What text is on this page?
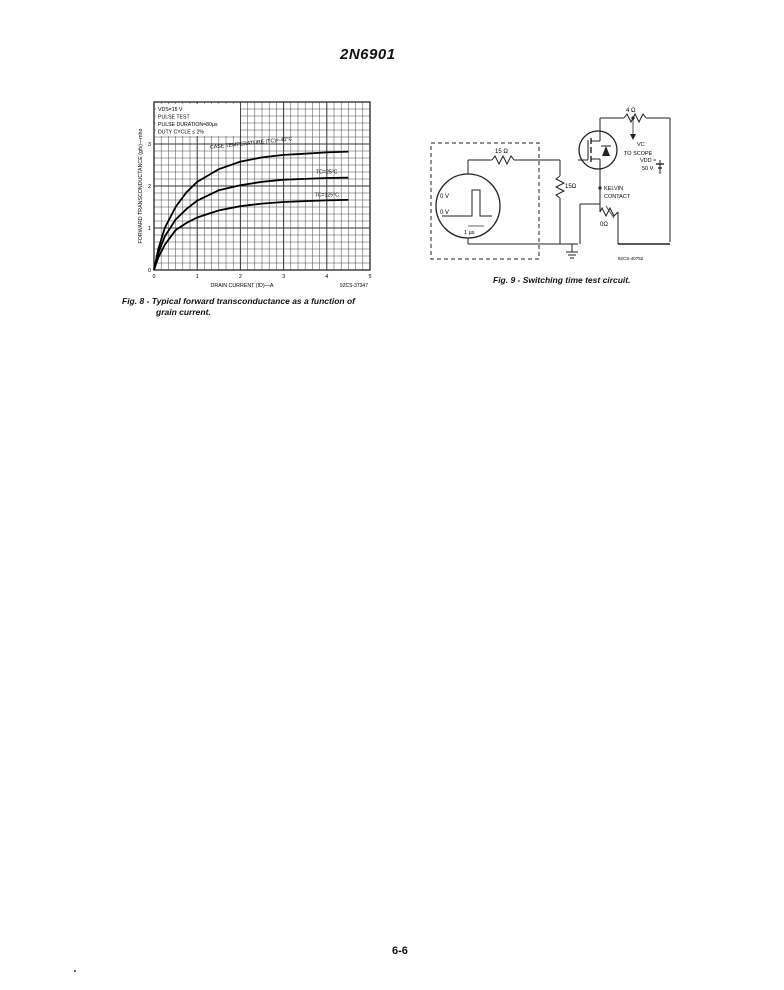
2N6901
VDS=15 V
PULSE TEST
PULSE DURATION=80µs
DUTY CYCLE ≤ 2%
CASE TEMPERATURE (TC)=-40°C
TC=25°C
TC=125°C
0	1	2	3	4	5
0
1
2
3
DRAIN CURRENT (ID)—A	92CS-37347
FORWARD TRANSCONDUCTANCE (gfs)—mho
Fig. 8 - Typical forward transconductance as a function of
grain current.
0 V
0 V
1 µs
15 Ω
15Ω
4 Ω
VDD ≈
50 V
VC
TO SCOPE
KELVIN
CONTACT
0Ω
92CS-40752
Fig. 9 - Switching time test circuit.
6-6
